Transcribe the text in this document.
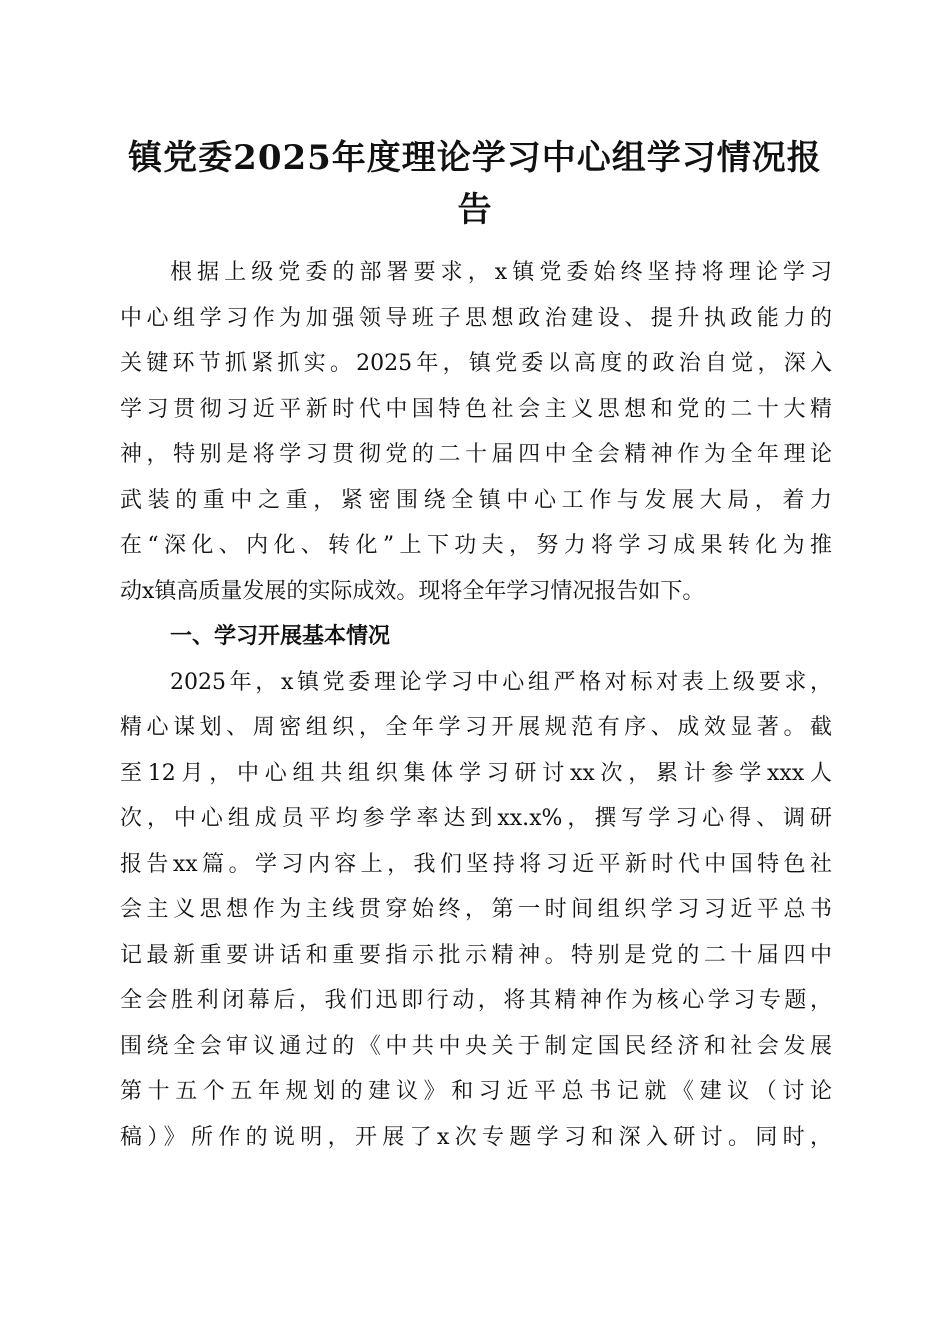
镇党委2025年度理论学习中心组学习情况报
告
根据上级党委的部署要求，x镇党委始终坚持将理论学习
中心组学习作为加强领导班子思想政治建设、提升执政能力的
关键环节抓紧抓实。2025年，镇党委以高度的政治自觉，深入
学习贯彻习近平新时代中国特色社会主义思想和党的二十大精
神，特别是将学习贯彻党的二十届四中全会精神作为全年理论
武装的重中之重，紧密围绕全镇中心工作与发展大局，着力
在“深化、内化、转化”上下功夫，努力将学习成果转化为推
动x镇高质量发展的实际成效。现将全年学习情况报告如下。
一、学习开展基本情况
2025年，x镇党委理论学习中心组严格对标对表上级要求，
精心谋划、周密组织，全年学习开展规范有序、成效显著。截
至12月，中心组共组织集体学习研讨xx次，累计参学xxx人
次，中心组成员平均参学率达到xx.x%，撰写学习心得、调研
报告xx篇。学习内容上，我们坚持将习近平新时代中国特色社
会主义思想作为主线贯穿始终，第一时间组织学习习近平总书
记最新重要讲话和重要指示批示精神。特别是党的二十届四中
全会胜利闭幕后，我们迅即行动，将其精神作为核心学习专题，
围绕全会审议通过的《中共中央关于制定国民经济和社会发展
第十五个五年规划的建议》和习近平总书记就《建议（讨论
稿）》所作的说明，开展了x次专题学习和深入研讨。同时，
